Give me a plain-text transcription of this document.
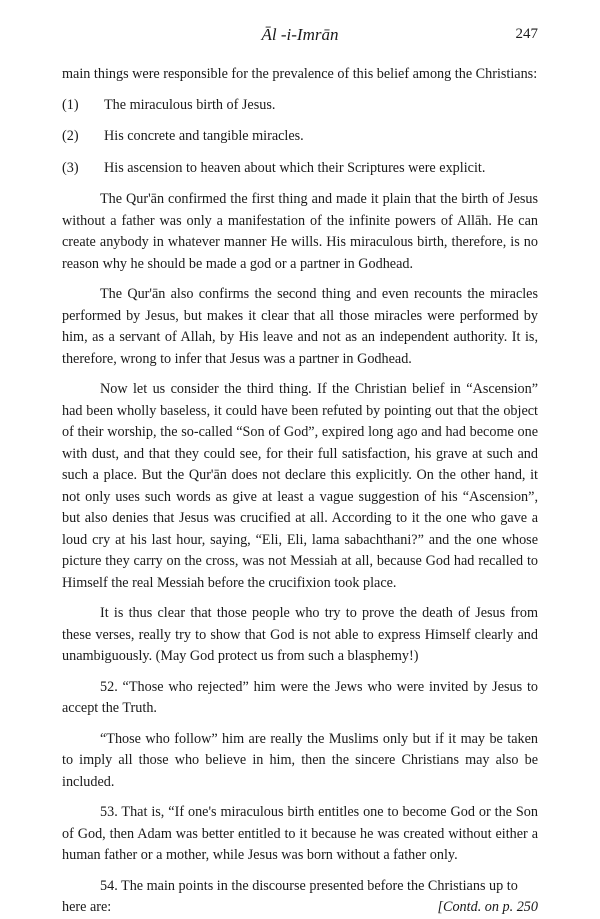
Āl -i-Imrān	247

main things were responsible for the prevalence of this belief among the Christians:

(1)	The miraculous birth of Jesus.
(2)	His concrete and tangible miracles.
(3)	His ascension to heaven about which their Scriptures were explicit.

The Qur'ān confirmed the first thing and made it plain that the birth of Jesus without a father was only a manifestation of the infinite powers of Allāh. He can create anybody in whatever manner He wills. His miraculous birth, therefore, is no reason why he should be made a god or a partner in Godhead.

The Qur'ān also confirms the second thing and even recounts the miracles performed by Jesus, but makes it clear that all those miracles were performed by him, as a servant of Allah, by His leave and not as an independent authority. It is, therefore, wrong to infer that Jesus was a partner in Godhead.

Now let us consider the third thing. If the Christian belief in “Ascension” had been wholly baseless, it could have been refuted by pointing out that the object of their worship, the so-called “Son of God”, expired long ago and had become one with dust, and that they could see, for their full satisfaction, his grave at such and such a place. But the Qur'ān does not declare this explicitly. On the other hand, it not only uses such words as give at least a vague suggestion of his “Ascension”, but also denies that Jesus was crucified at all. According to it the one who gave a loud cry at his last hour, saying, “Eli, Eli, lama sabachthani?” and the one whose picture they carry on the cross, was not Messiah at all, because God had recalled to Himself the real Messiah before the crucifixion took place.

It is thus clear that those people who try to prove the death of Jesus from these verses, really try to show that God is not able to express Himself clearly and unambiguously. (May God protect us from such a blasphemy!)

52. “Those who rejected” him were the Jews who were invited by Jesus to accept the Truth.

“Those who follow” him are really the Muslims only but if it may be taken to imply all those who believe in him, then the sincere Christians may also be included.

53. That is, “If one's miraculous birth entitles one to become God or the Son of God, then Adam was better entitled to it because he was created without either a human father or a mother, while Jesus was born without a father only.

54. The main points in the discourse presented before the Christians up to

here are:	[Contd. on p. 250
